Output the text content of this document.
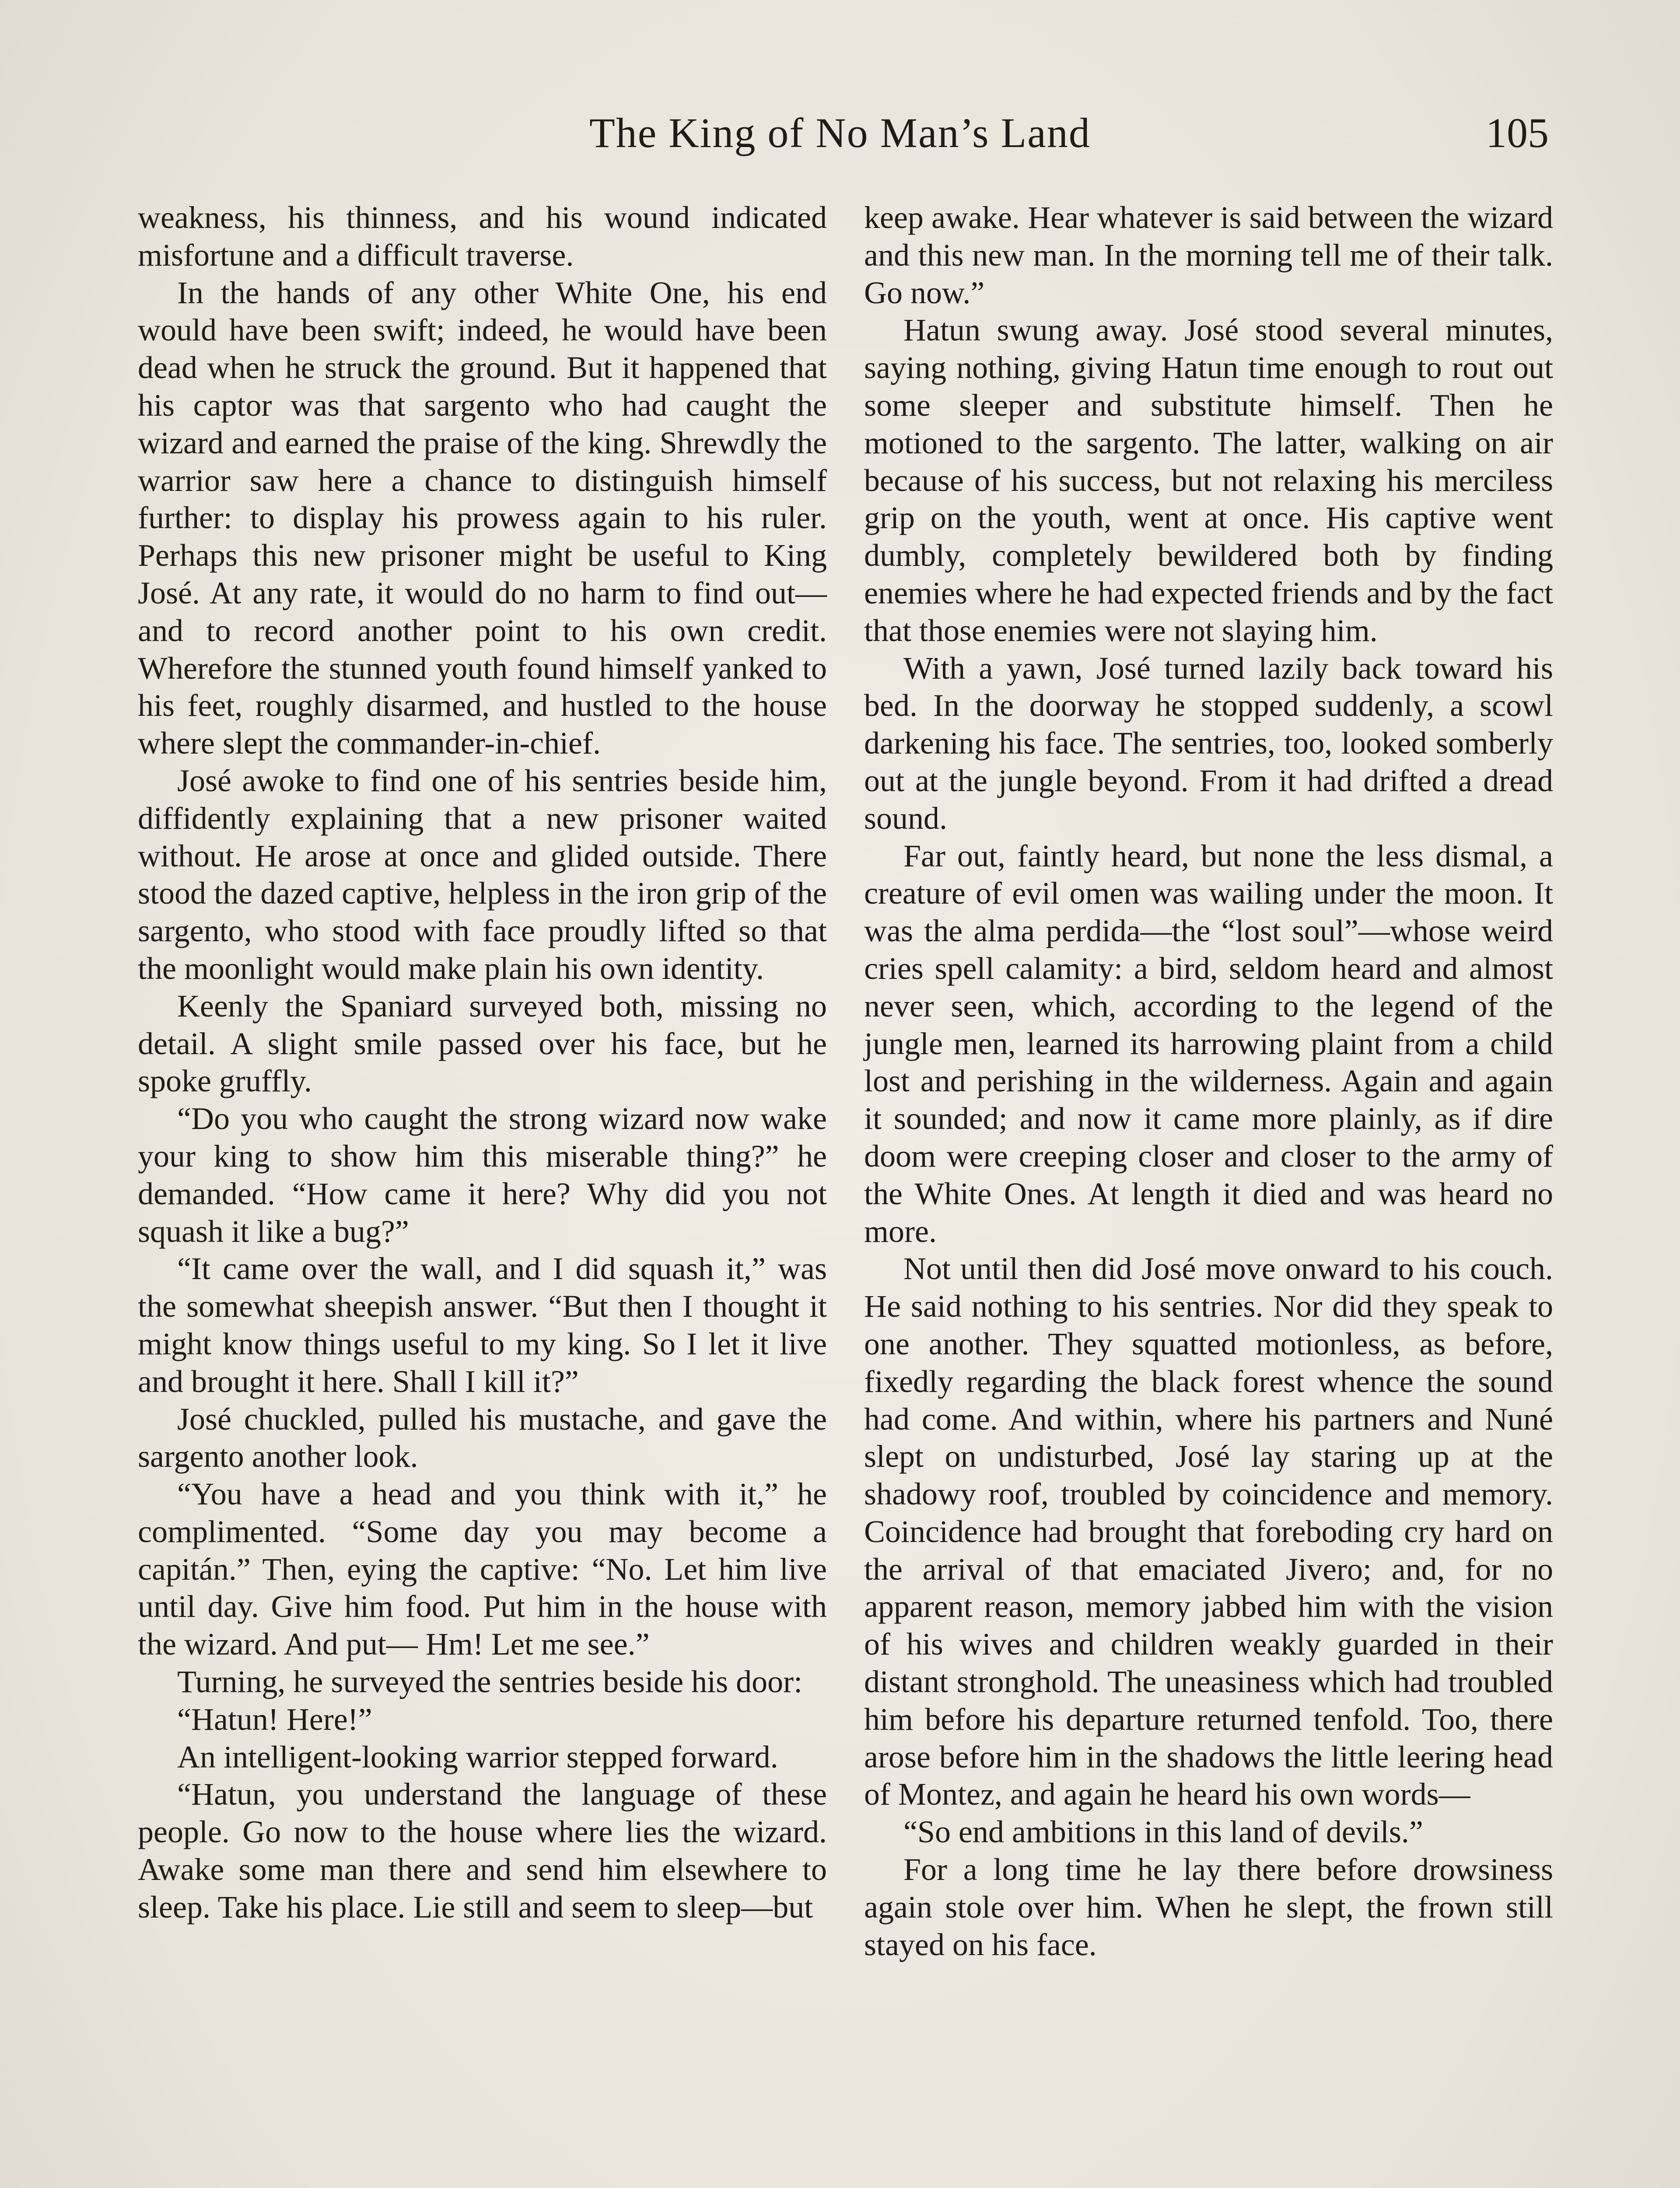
The King of No Man’s Land	105

weakness, his thinness, and his wound indicated misfortune and a difficult traverse.

In the hands of any other White One, his end would have been swift; indeed, he would have been dead when he struck the ground. But it happened that his captor was that sargento who had caught the wizard and earned the praise of the king. Shrewdly the warrior saw here a chance to distinguish himself further: to display his prowess again to his ruler. Perhaps this new prisoner might be useful to King José. At any rate, it would do no harm to find out—and to record another point to his own credit. Wherefore the stunned youth found himself yanked to his feet, roughly disarmed, and hustled to the house where slept the commander-in-chief.

José awoke to find one of his sentries beside him, diffidently explaining that a new prisoner waited without. He arose at once and glided outside. There stood the dazed captive, helpless in the iron grip of the sargento, who stood with face proudly lifted so that the moonlight would make plain his own identity.

Keenly the Spaniard surveyed both, missing no detail. A slight smile passed over his face, but he spoke gruffly.

“Do you who caught the strong wizard now wake your king to show him this miserable thing?” he demanded. “How came it here? Why did you not squash it like a bug?”

“It came over the wall, and I did squash it,” was the somewhat sheepish answer. “But then I thought it might know things useful to my king. So I let it live and brought it here. Shall I kill it?”

José chuckled, pulled his mustache, and gave the sargento another look.

“You have a head and you think with it,” he complimented. “Some day you may become a capitán.” Then, eying the captive: “No. Let him live until day. Give him food. Put him in the house with the wizard. And put— Hm! Let me see.”

Turning, he surveyed the sentries beside his door:

“Hatun! Here!”

An intelligent-looking warrior stepped forward.

“Hatun, you understand the language of these people. Go now to the house where lies the wizard. Awake some man there and send him elsewhere to sleep. Take his place. Lie still and seem to sleep—but

keep awake. Hear whatever is said between the wizard and this new man. In the morning tell me of their talk. Go now.”

Hatun swung away. José stood several minutes, saying nothing, giving Hatun time enough to rout out some sleeper and substitute himself. Then he motioned to the sargento. The latter, walking on air because of his success, but not relaxing his merciless grip on the youth, went at once. His captive went dumbly, completely bewildered both by finding enemies where he had expected friends and by the fact that those enemies were not slaying him.

With a yawn, José turned lazily back toward his bed. In the doorway he stopped suddenly, a scowl darkening his face. The sentries, too, looked somberly out at the jungle beyond. From it had drifted a dread sound.

Far out, faintly heard, but none the less dismal, a creature of evil omen was wailing under the moon. It was the alma perdida—the “lost soul”—whose weird cries spell calamity: a bird, seldom heard and almost never seen, which, according to the legend of the jungle men, learned its harrowing plaint from a child lost and perishing in the wilderness. Again and again it sounded; and now it came more plainly, as if dire doom were creeping closer and closer to the army of the White Ones. At length it died and was heard no more.

Not until then did José move onward to his couch. He said nothing to his sentries. Nor did they speak to one another. They squatted motionless, as before, fixedly regarding the black forest whence the sound had come. And within, where his partners and Nuné slept on undisturbed, José lay staring up at the shadowy roof, troubled by coincidence and memory. Coincidence had brought that foreboding cry hard on the arrival of that emaciated Jivero; and, for no apparent reason, memory jabbed him with the vision of his wives and children weakly guarded in their distant stronghold. The uneasiness which had troubled him before his departure returned tenfold. Too, there arose before him in the shadows the little leering head of Montez, and again he heard his own words—

“So end ambitions in this land of devils.”

For a long time he lay there before drowsiness again stole over him. When he slept, the frown still stayed on his face.
